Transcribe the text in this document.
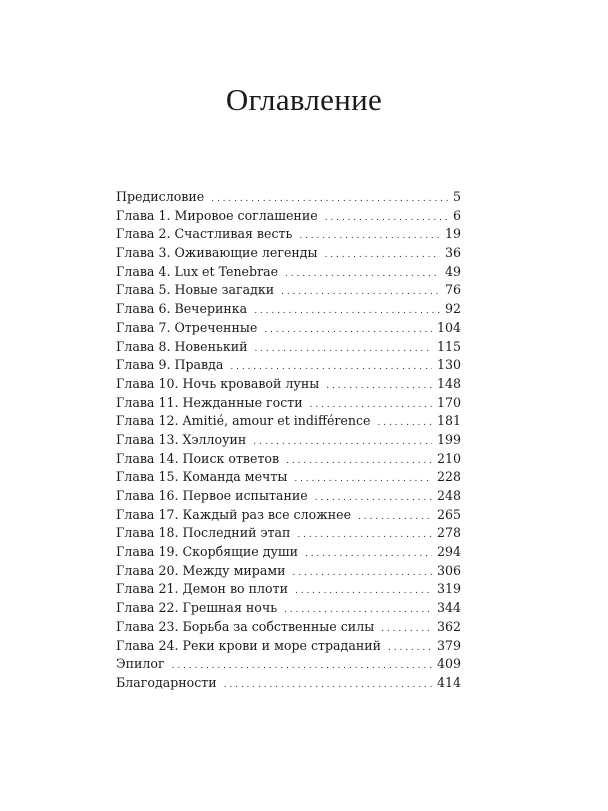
Оглавление
Предисловие . . .	5
Глава 1. Мировое соглашение . . .	6
Глава 2. Счастливая весть . . .	19
Глава 3. Оживающие легенды . . .	36
Глава 4. Lux et Tenebrae . . .	49
Глава 5. Новые загадки . . .	76
Глава 6. Вечеринка . . .	92
Глава 7. Отреченные . . .	104
Глава 8. Новенький . . .	115
Глава 9. Правда . . .	130
Глава 10. Ночь кровавой луны . . .	148
Глава 11. Нежданные гости . . .	170
Глава 12. Amitié, amour et indifférence . . .	181
Глава 13. Хэллоуин . . .	199
Глава 14. Поиск ответов . . .	210
Глава 15. Команда мечты . . .	228
Глава 16. Первое испытание . . .	248
Глава 17. Каждый раз все сложнее . . .	265
Глава 18. Последний этап . . .	278
Глава 19. Скорбящие души . . .	294
Глава 20. Между мирами . . .	306
Глава 21. Демон во плоти . . .	319
Глава 22. Грешная ночь . . .	344
Глава 23. Борьба за собственные силы . . .	362
Глава 24. Реки крови и море страданий . . .	379
Эпилог . . .	409
Благодарности . . .	414
